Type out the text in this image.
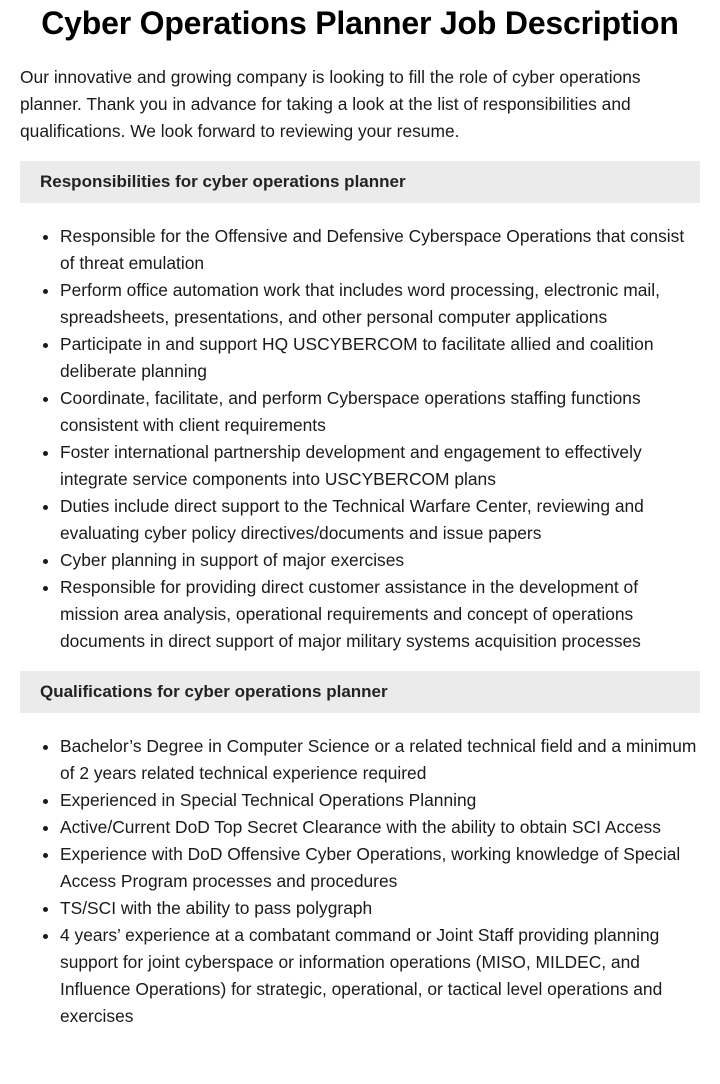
Cyber Operations Planner Job Description

Our innovative and growing company is looking to fill the role of cyber operations planner. Thank you in advance for taking a look at the list of responsibilities and qualifications. We look forward to reviewing your resume.

Responsibilities for cyber operations planner
• Responsible for the Offensive and Defensive Cyberspace Operations that consist of threat emulation
• Perform office automation work that includes word processing, electronic mail, spreadsheets, presentations, and other personal computer applications
• Participate in and support HQ USCYBERCOM to facilitate allied and coalition deliberate planning
• Coordinate, facilitate, and perform Cyberspace operations staffing functions consistent with client requirements
• Foster international partnership development and engagement to effectively integrate service components into USCYBERCOM plans
• Duties include direct support to the Technical Warfare Center, reviewing and evaluating cyber policy directives/documents and issue papers
• Cyber planning in support of major exercises
• Responsible for providing direct customer assistance in the development of mission area analysis, operational requirements and concept of operations documents in direct support of major military systems acquisition processes
Qualifications for cyber operations planner
• Bachelor’s Degree in Computer Science or a related technical field and a minimum of 2 years related technical experience required
• Experienced in Special Technical Operations Planning
• Active/Current DoD Top Secret Clearance with the ability to obtain SCI Access
• Experience with DoD Offensive Cyber Operations, working knowledge of Special Access Program processes and procedures
• TS/SCI with the ability to pass polygraph
• 4 years’ experience at a combatant command or Joint Staff providing planning support for joint cyberspace or information operations (MISO, MILDEC, and Influence Operations) for strategic, operational, or tactical level operations and exercises
